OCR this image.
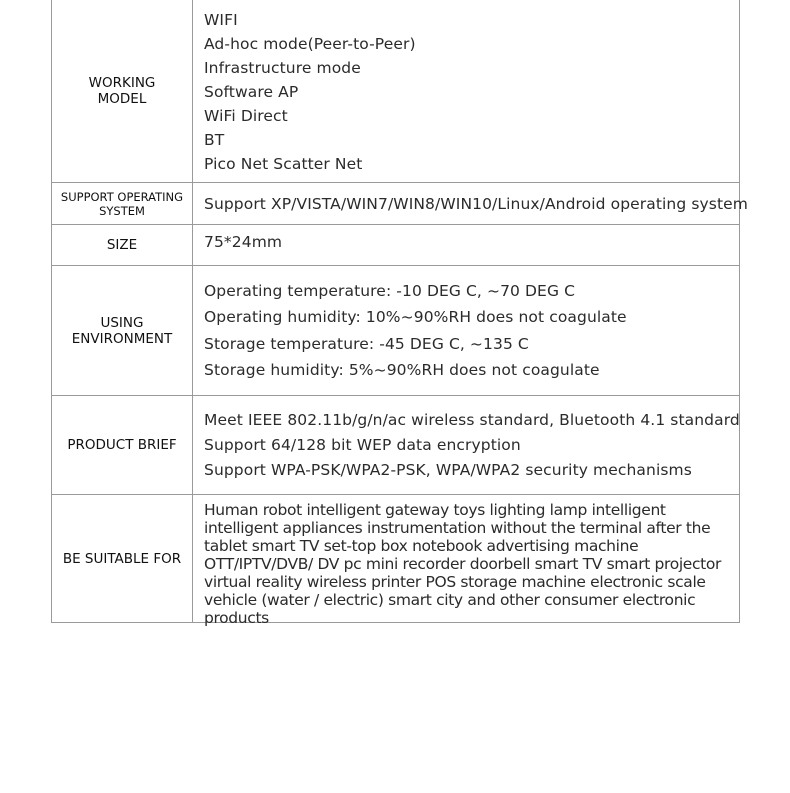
WORKING
MODEL
WIFI
Ad-hoc mode(Peer-to-Peer)
Infrastructure mode
Software AP
WiFi Direct
BT
Pico Net Scatter Net
SUPPORT OPERATING
SYSTEM	Support XP/VISTA/WIN7/WIN8/WIN10/Linux/Android operating system
SIZE	75*24mm
USING
ENVIRONMENT
Operating temperature: -10 DEG C, ~70 DEG C
Operating humidity: 10%~90%RH does not coagulate
Storage temperature: -45 DEG C, ~135 C
Storage humidity: 5%~90%RH does not coagulate
PRODUCT BRIEF
Meet IEEE 802.11b/g/n/ac wireless standard, Bluetooth 4.1 standard
Support 64/128 bit WEP data encryption
Support WPA-PSK/WPA2-PSK, WPA/WPA2 security mechanisms
BE SUITABLE FOR
Human robot intelligent gateway toys lighting lamp intelligent intelligent appliances instrumentation without the terminal after the tablet smart TV set-top box notebook advertising machine OTT/IPTV/DVB/ DV pc mini recorder doorbell smart TV smart projector virtual reality wireless printer POS storage machine electronic scale vehicle (water / electric) smart city and other consumer electronic products
